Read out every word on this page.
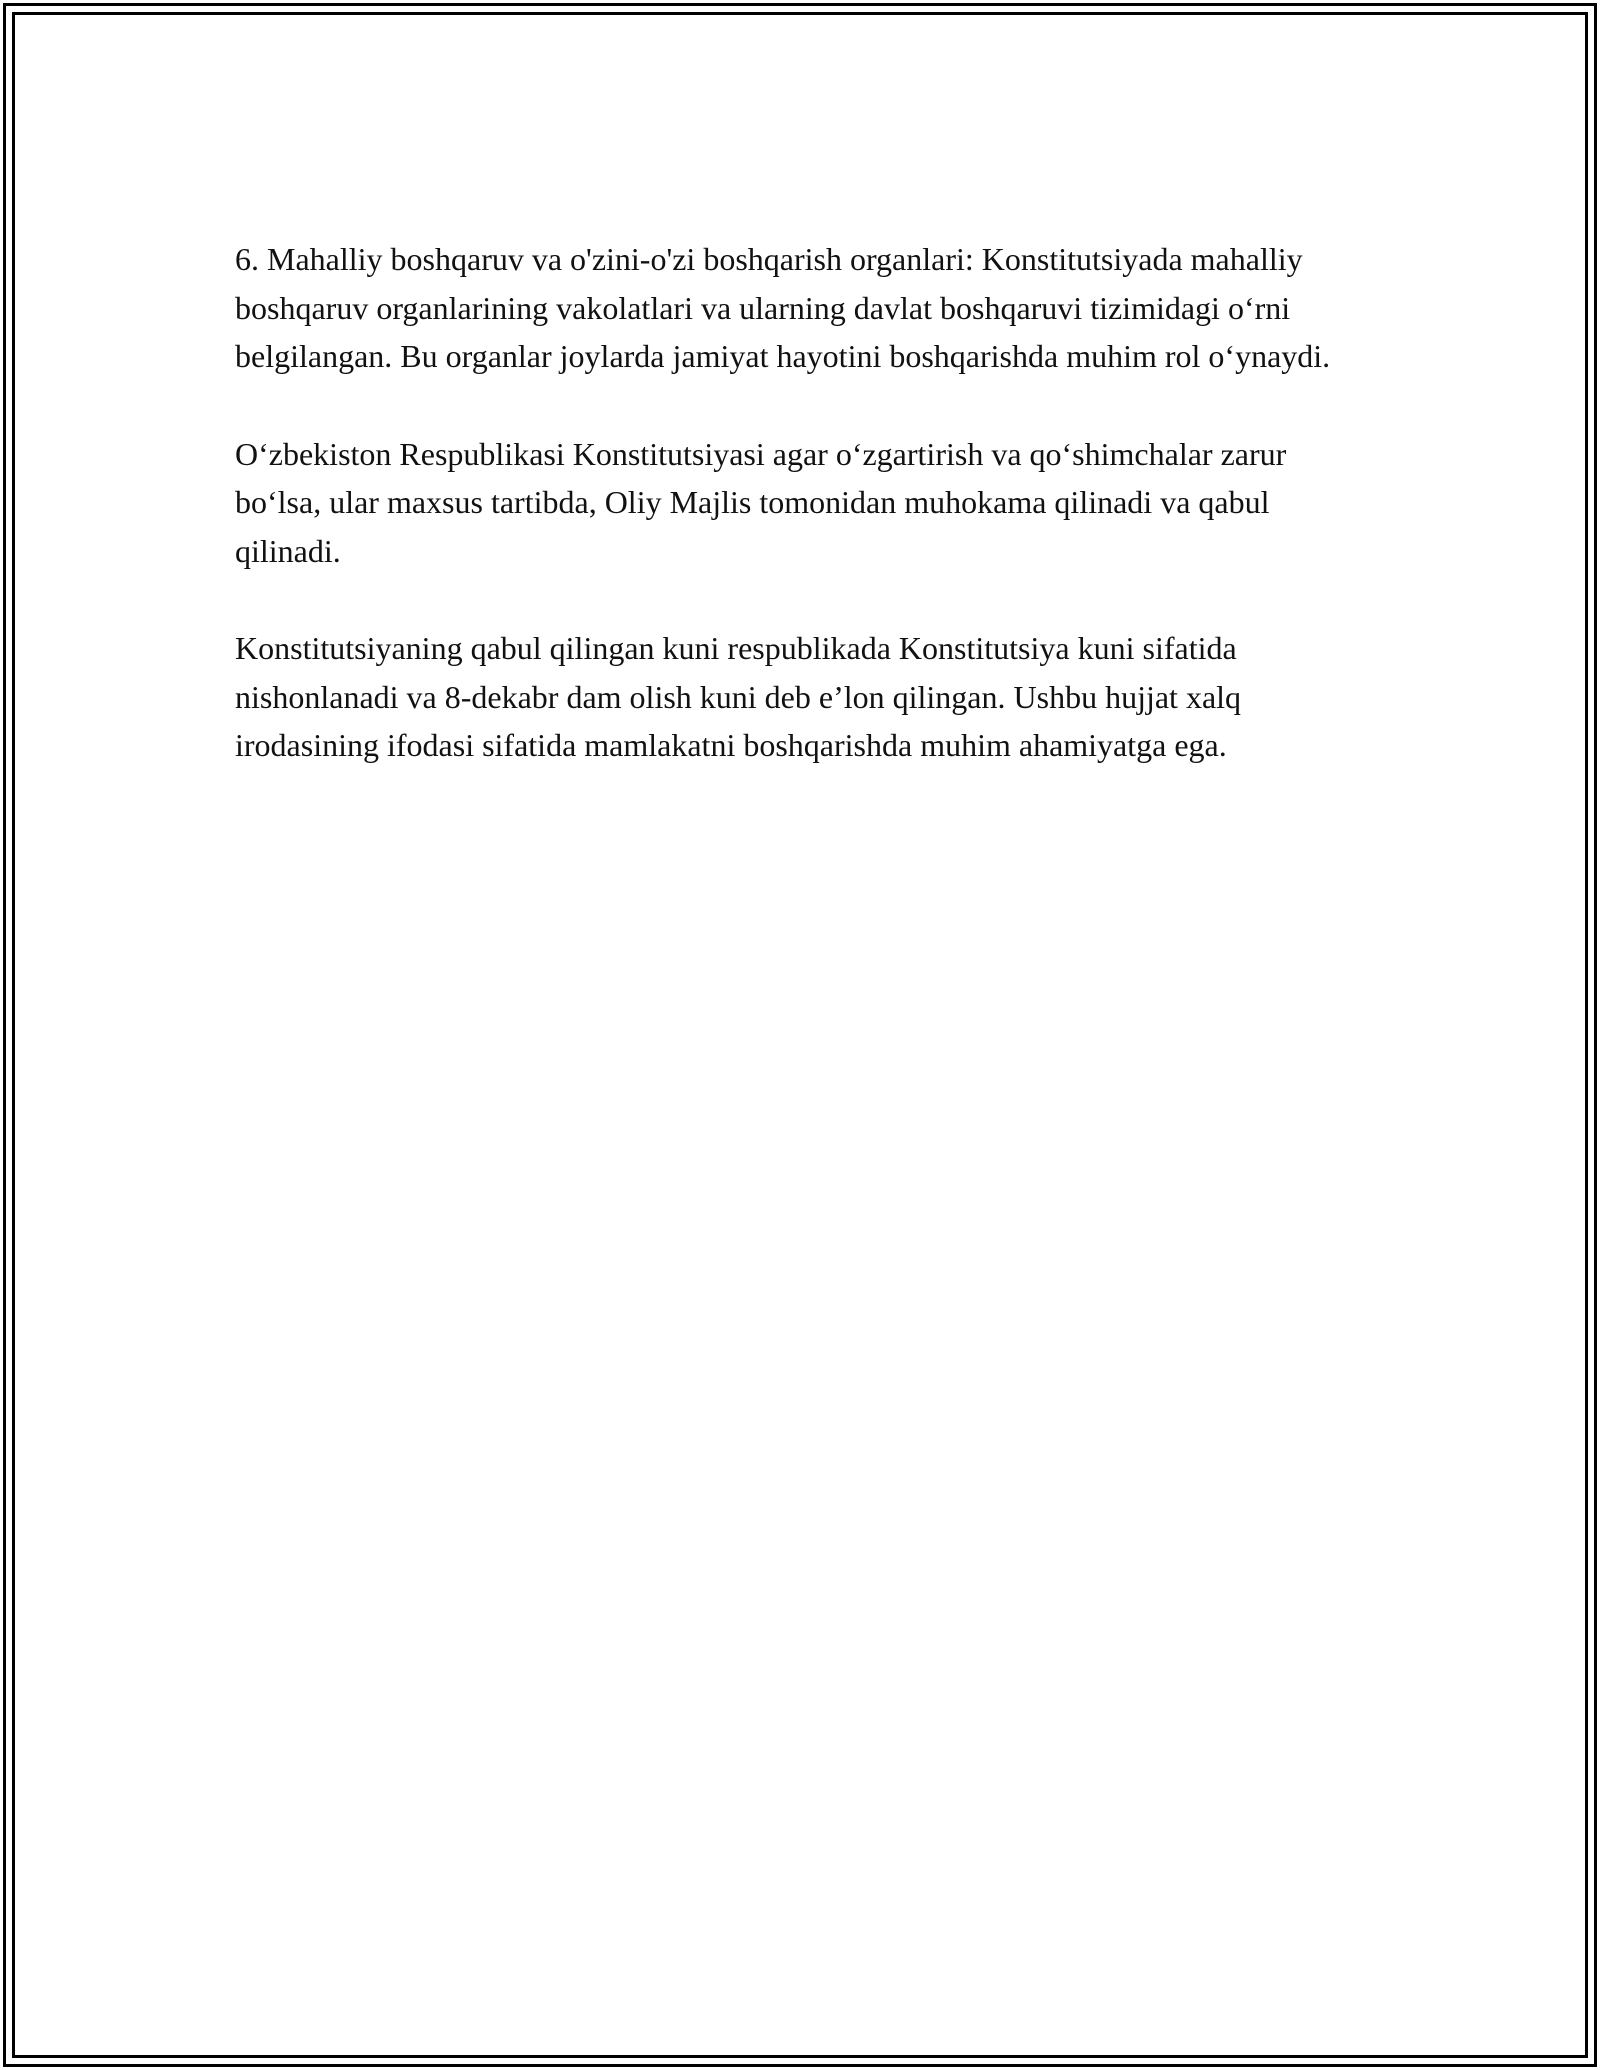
6. Mahalliy boshqaruv va o'zini-o'zi boshqarish organlari: Konstitutsiyada mahalliy boshqaruv organlarining vakolatlari va ularning davlat boshqaruvi tizimidagi o‘rni belgilangan. Bu organlar joylarda jamiyat hayotini boshqarishda muhim rol o‘ynaydi.

O‘zbekiston Respublikasi Konstitutsiyasi agar o‘zgartirish va qo‘shimchalar zarur bo‘lsa, ular maxsus tartibda, Oliy Majlis tomonidan muhokama qilinadi va qabul qilinadi.

Konstitutsiyaning qabul qilingan kuni respublikada Konstitutsiya kuni sifatida nishonlanadi va 8-dekabr dam olish kuni deb e’lon qilingan. Ushbu hujjat xalq irodasining ifodasi sifatida mamlakatni boshqarishda muhim ahamiyatga ega.
